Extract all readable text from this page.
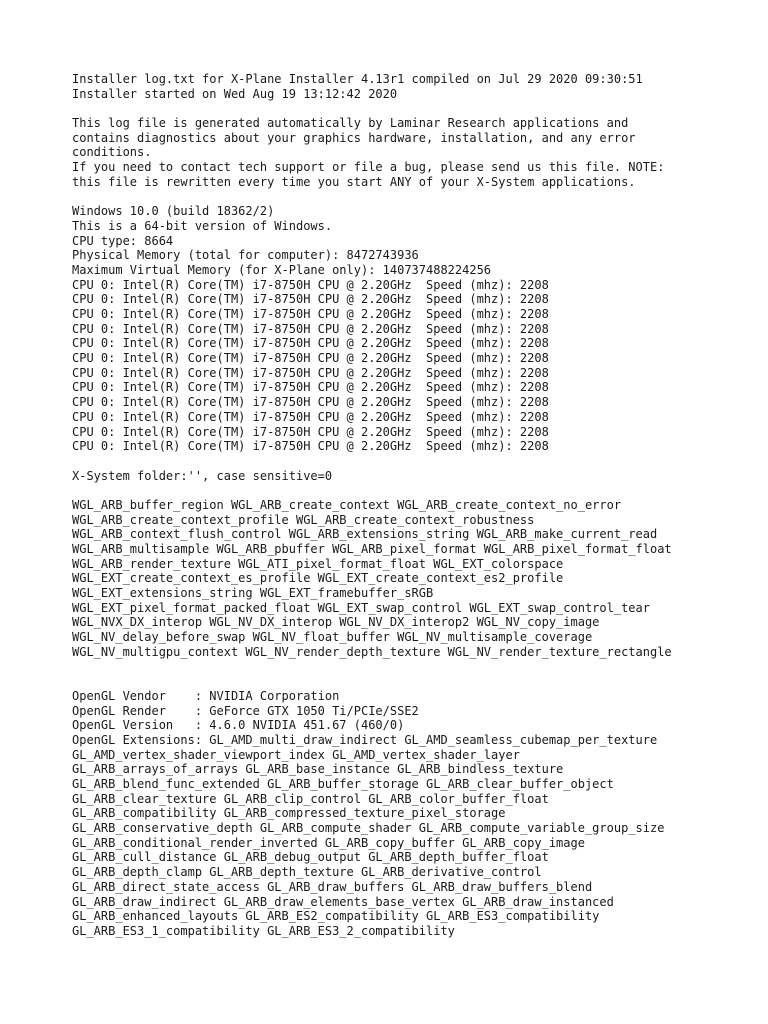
Installer log.txt for X-Plane Installer 4.13r1 compiled on Jul 29 2020 09:30:51
Installer started on Wed Aug 19 13:12:42 2020
This log file is generated automatically by Laminar Research applications and
contains diagnostics about your graphics hardware, installation, and any error
conditions.
If you need to contact tech support or file a bug, please send us this file. NOTE:
this file is rewritten every time you start ANY of your X-System applications.
Windows 10.0 (build 18362/2)
This is a 64-bit version of Windows.
CPU type: 8664
Physical Memory (total for computer): 8472743936
Maximum Virtual Memory (for X-Plane only): 140737488224256
CPU 0: Intel(R) Core(TM) i7-8750H CPU @ 2.20GHz  Speed (mhz): 2208
CPU 0: Intel(R) Core(TM) i7-8750H CPU @ 2.20GHz  Speed (mhz): 2208
CPU 0: Intel(R) Core(TM) i7-8750H CPU @ 2.20GHz  Speed (mhz): 2208
CPU 0: Intel(R) Core(TM) i7-8750H CPU @ 2.20GHz  Speed (mhz): 2208
CPU 0: Intel(R) Core(TM) i7-8750H CPU @ 2.20GHz  Speed (mhz): 2208
CPU 0: Intel(R) Core(TM) i7-8750H CPU @ 2.20GHz  Speed (mhz): 2208
CPU 0: Intel(R) Core(TM) i7-8750H CPU @ 2.20GHz  Speed (mhz): 2208
CPU 0: Intel(R) Core(TM) i7-8750H CPU @ 2.20GHz  Speed (mhz): 2208
CPU 0: Intel(R) Core(TM) i7-8750H CPU @ 2.20GHz  Speed (mhz): 2208
CPU 0: Intel(R) Core(TM) i7-8750H CPU @ 2.20GHz  Speed (mhz): 2208
CPU 0: Intel(R) Core(TM) i7-8750H CPU @ 2.20GHz  Speed (mhz): 2208
CPU 0: Intel(R) Core(TM) i7-8750H CPU @ 2.20GHz  Speed (mhz): 2208
X-System folder:'', case sensitive=0
WGL_ARB_buffer_region WGL_ARB_create_context WGL_ARB_create_context_no_error
WGL_ARB_create_context_profile WGL_ARB_create_context_robustness
WGL_ARB_context_flush_control WGL_ARB_extensions_string WGL_ARB_make_current_read
WGL_ARB_multisample WGL_ARB_pbuffer WGL_ARB_pixel_format WGL_ARB_pixel_format_float
WGL_ARB_render_texture WGL_ATI_pixel_format_float WGL_EXT_colorspace
WGL_EXT_create_context_es_profile WGL_EXT_create_context_es2_profile
WGL_EXT_extensions_string WGL_EXT_framebuffer_sRGB
WGL_EXT_pixel_format_packed_float WGL_EXT_swap_control WGL_EXT_swap_control_tear
WGL_NVX_DX_interop WGL_NV_DX_interop WGL_NV_DX_interop2 WGL_NV_copy_image
WGL_NV_delay_before_swap WGL_NV_float_buffer WGL_NV_multisample_coverage
WGL_NV_multigpu_context WGL_NV_render_depth_texture WGL_NV_render_texture_rectangle
OpenGL Vendor    : NVIDIA Corporation
OpenGL Render    : GeForce GTX 1050 Ti/PCIe/SSE2
OpenGL Version   : 4.6.0 NVIDIA 451.67 (460/0)
OpenGL Extensions: GL_AMD_multi_draw_indirect GL_AMD_seamless_cubemap_per_texture
GL_AMD_vertex_shader_viewport_index GL_AMD_vertex_shader_layer
GL_ARB_arrays_of_arrays GL_ARB_base_instance GL_ARB_bindless_texture
GL_ARB_blend_func_extended GL_ARB_buffer_storage GL_ARB_clear_buffer_object
GL_ARB_clear_texture GL_ARB_clip_control GL_ARB_color_buffer_float
GL_ARB_compatibility GL_ARB_compressed_texture_pixel_storage
GL_ARB_conservative_depth GL_ARB_compute_shader GL_ARB_compute_variable_group_size
GL_ARB_conditional_render_inverted GL_ARB_copy_buffer GL_ARB_copy_image
GL_ARB_cull_distance GL_ARB_debug_output GL_ARB_depth_buffer_float
GL_ARB_depth_clamp GL_ARB_depth_texture GL_ARB_derivative_control
GL_ARB_direct_state_access GL_ARB_draw_buffers GL_ARB_draw_buffers_blend
GL_ARB_draw_indirect GL_ARB_draw_elements_base_vertex GL_ARB_draw_instanced
GL_ARB_enhanced_layouts GL_ARB_ES2_compatibility GL_ARB_ES3_compatibility
GL_ARB_ES3_1_compatibility GL_ARB_ES3_2_compatibility
